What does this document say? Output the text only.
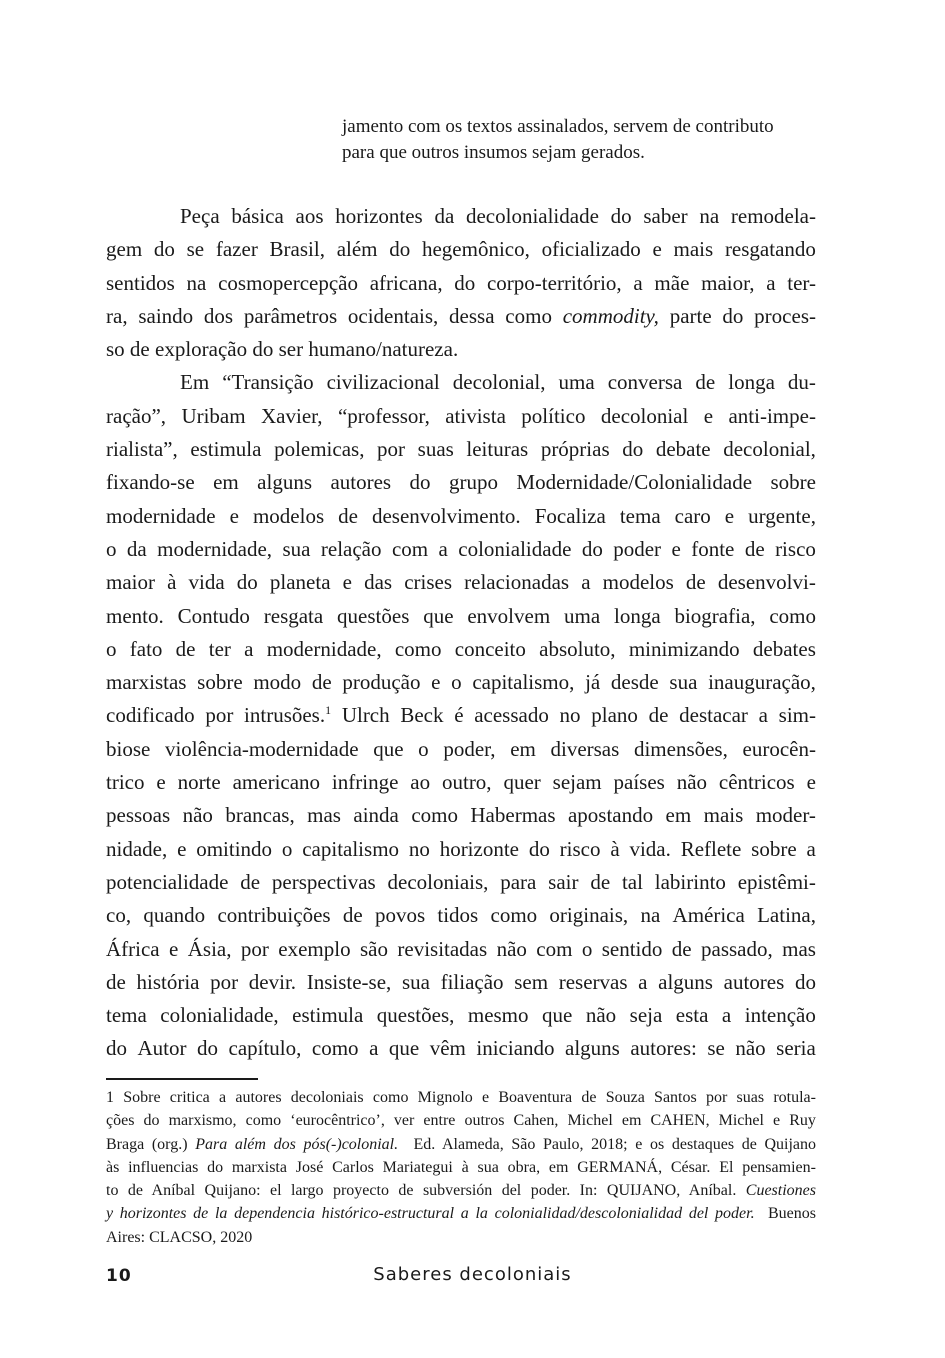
jamento com os textos assinalados, servem de contributo
para que outros insumos sejam gerados.
Peça básica aos horizontes da decolonialidade do saber na remodela-
gem do se fazer Brasil, além do hegemônico, oficializado e mais resgatando
sentidos na cosmopercepção africana, do corpo-território, a mãe maior, a ter-
ra, saindo dos parâmetros ocidentais, dessa como commodity, parte do proces-
so de exploração do ser humano/natureza.
Em “Transição civilizacional decolonial, uma conversa de longa du-
ração”, Uribam Xavier, “professor, ativista político decolonial e anti-impe-
rialista”, estimula polemicas, por suas leituras próprias do debate decolonial,
fixando-se em alguns autores do grupo Modernidade/Colonialidade sobre
modernidade e modelos de desenvolvimento. Focaliza tema caro e urgente,
o da modernidade, sua relação com a colonialidade do poder e fonte de risco
maior à vida do planeta e das crises relacionadas a modelos de desenvolvi-
mento. Contudo resgata questões que envolvem uma longa biografia, como
o fato de ter a modernidade, como conceito absoluto, minimizando debates
marxistas sobre modo de produção e o capitalismo, já desde sua inauguração,
codificado por intrusões.$^1$ Ulrch Beck é acessado no plano de destacar a sim-
biose violência-modernidade que o poder, em diversas dimensões, eurocên-
trico e norte americano infringe ao outro, quer sejam países não cêntricos e
pessoas não brancas, mas ainda como Habermas apostando em mais moder-
nidade, e omitindo o capitalismo no horizonte do risco à vida. Reflete sobre a
potencialidade de perspectivas decoloniais, para sair de tal labirinto epistêmi-
co, quando contribuições de povos tidos como originais, na América Latina,
África e Ásia, por exemplo são revisitadas não com o sentido de passado, mas
de história por devir. Insiste-se, sua filiação sem reservas a alguns autores do
tema colonialidade, estimula questões, mesmo que não seja esta a intenção
do Autor do capítulo, como a que vêm iniciando alguns autores: se não seria
1 Sobre critica a autores decoloniais como Mignolo e Boaventura de Souza Santos por suas rotula-
ções do marxismo, como ‘eurocêntrico’, ver entre outros Cahen, Michel em CAHEN, Michel e Ruy
Braga (org.) Para além dos pós(-)colonial.  Ed. Alameda, São Paulo, 2018; e os destaques de Quijano
às influencias do marxista José Carlos Mariategui à sua obra, em GERMANÁ, César. El pensamien-
to de Aníbal Quijano: el largo proyecto de subversión del poder. In: QUIJANO, Aníbal. Cuestiones
y horizontes de la dependencia histórico-estructural a la colonialidad/descolonialidad del poder.  Buenos
Aires: CLACSO, 2020
10	Saberes decoloniais
